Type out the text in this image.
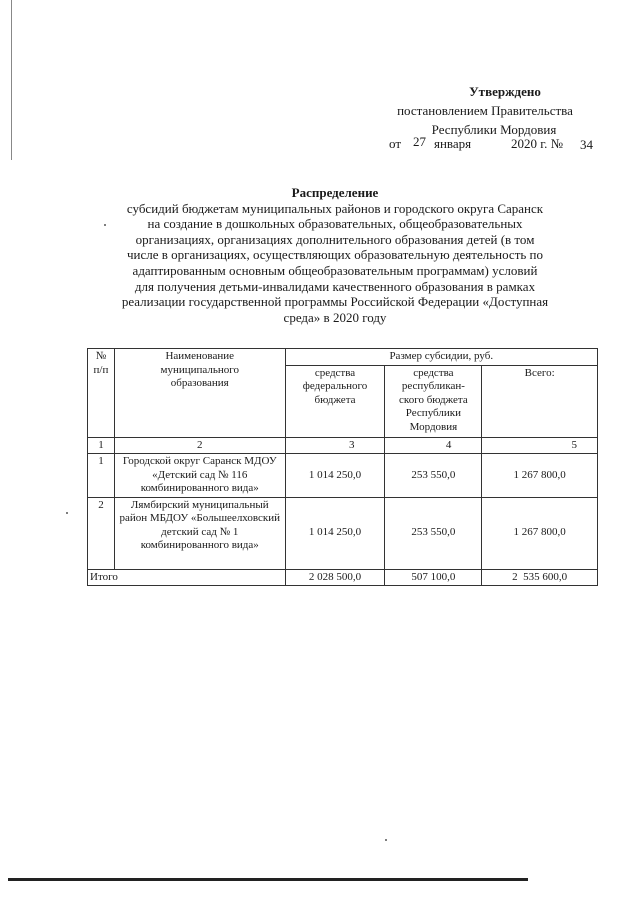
Утверждено
постановлением Правительства
Республики Мордовия
от 27 января	2020 г. № 34
Распределение
субсидий бюджетам муниципальных районов и городского округа Саранск
на создание в дошкольных образовательных, общеобразовательных
организациях, организациях дополнительного образования детей (в том
числе в организациях, осуществляющих образовательную деятельность по
адаптированным основным общеобразовательным программам) условий
для получения детьми-инвалидами качественного образования в рамках
реализации государственной программы Российской Федерации «Доступная
среда» в 2020 году
№ п/п	Наименование муниципального образования	Размер субсидии, руб.		
		средства федерального бюджета	средства республикан-ского бюджета Республики Мордовия	Всего:
1	2	3	4	5
1	Городской округ Саранск МДОУ «Детский сад № 116 комбинированного вида»	1 014 250,0	253 550,0	1 267 800,0
2	Лямбирский муниципальный район МБДОУ «Большеелховский детский сад № 1 комбинированного вида»	1 014 250,0	253 550,0	1 267 800,0
Итого		2 028 500,0	507 100,0	2  535 600,0
